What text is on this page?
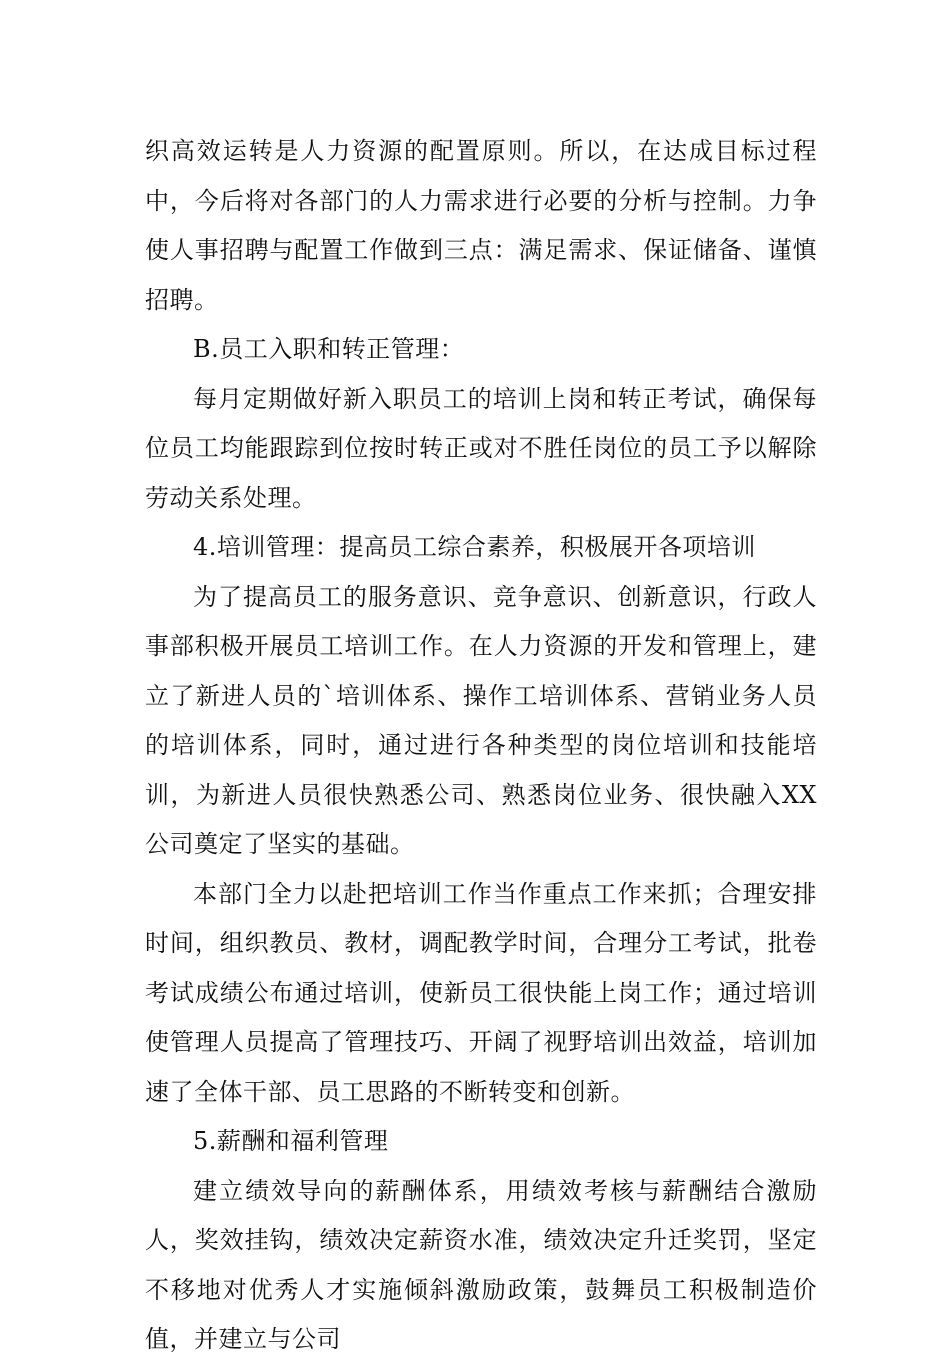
织高效运转是人力资源的配置原则。所以，在达成目标过程中，今后将对各部门的人力需求进行必要的分析与控制。力争使人事招聘与配置工作做到三点：满足需求、保证储备、谨慎招聘。

B.员工入职和转正管理：

每月定期做好新入职员工的培训上岗和转正考试，确保每位员工均能跟踪到位按时转正或对不胜任岗位的员工予以解除劳动关系处理。

4.培训管理：提高员工综合素养，积极展开各项培训

为了提高员工的服务意识、竞争意识、创新意识，行政人事部积极开展员工培训工作。在人力资源的开发和管理上，建立了新进人员的`培训体系、操作工培训体系、营销业务人员的培训体系，同时，通过进行各种类型的岗位培训和技能培训，为新进人员很快熟悉公司、熟悉岗位业务、很快融入XX公司奠定了坚实的基础。

本部门全力以赴把培训工作当作重点工作来抓；合理安排时间，组织教员、教材，调配教学时间，合理分工考试，批卷考试成绩公布通过培训，使新员工很快能上岗工作；通过培训使管理人员提高了管理技巧、开阔了视野培训出效益，培训加速了全体干部、员工思路的不断转变和创新。

5.薪酬和福利管理

建立绩效导向的薪酬体系，用绩效考核与薪酬结合激励人，奖效挂钩，绩效决定薪资水准，绩效决定升迁奖罚，坚定不移地对优秀人才实施倾斜激励政策，鼓舞员工积极制造价值，并建立与公司
